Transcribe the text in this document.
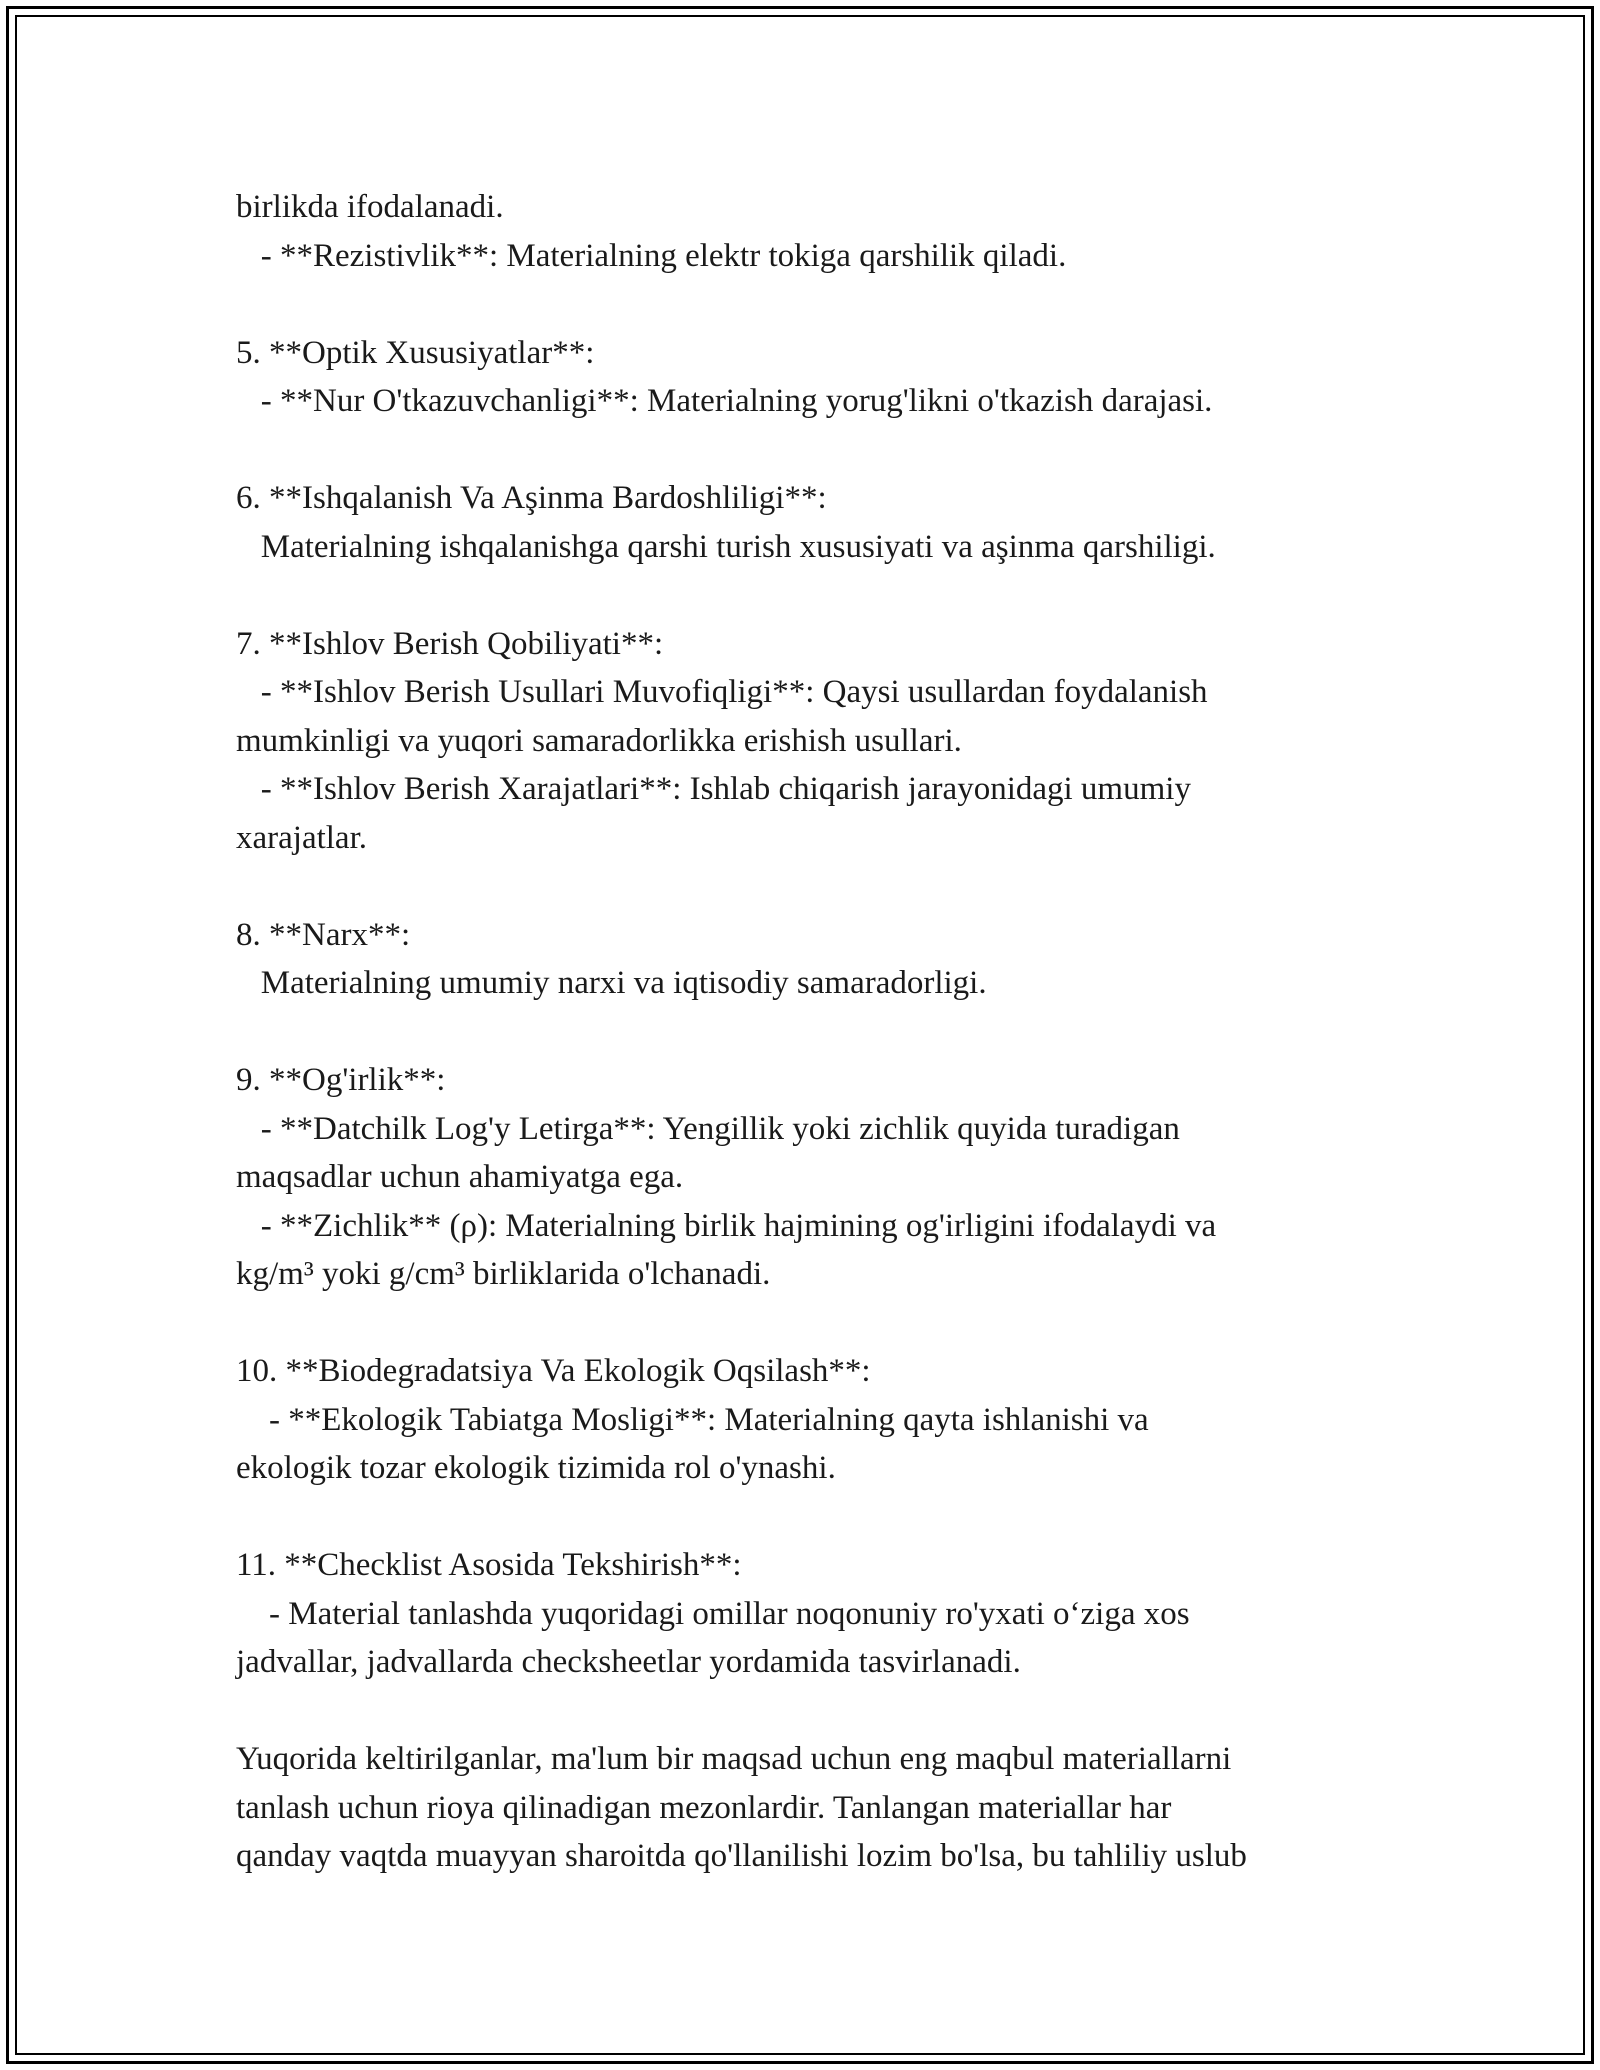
birlikda ifodalanadi.
- **Rezistivlik**: Materialning elektr tokiga qarshilik qiladi.
5. **Optik Xususiyatlar**:
- **Nur O'tkazuvchanligi**: Materialning yorug'likni o'tkazish darajasi.
6. **Ishqalanish Va Aşinma Bardoshliligi**:
Materialning ishqalanishga qarshi turish xususiyati va aşinma qarshiligi.
7. **Ishlov Berish Qobiliyati**:
- **Ishlov Berish Usullari Muvofiqligi**: Qaysi usullardan foydalanish
mumkinligi va yuqori samaradorlikka erishish usullari.
- **Ishlov Berish Xarajatlari**: Ishlab chiqarish jarayonidagi umumiy
xarajatlar.
8. **Narx**:
Materialning umumiy narxi va iqtisodiy samaradorligi.
9. **Og'irlik**:
- **Datchilk Log'y Letirga**: Yengillik yoki zichlik quyida turadigan
maqsadlar uchun ahamiyatga ega.
- **Zichlik** (ρ): Materialning birlik hajmining og'irligini ifodalaydi va
kg/m³ yoki g/cm³ birliklarida o'lchanadi.
10. **Biodegradatsiya Va Ekologik Oqsilash**:
- **Ekologik Tabiatga Mosligi**: Materialning qayta ishlanishi va
ekologik tozar ekologik tizimida rol o'ynashi.
11. **Checklist Asosida Tekshirish**:
- Material tanlashda yuqoridagi omillar noqonuniy ro'yxati o‘ziga xos
jadvallar, jadvallarda checksheetlar yordamida tasvirlanadi.
Yuqorida keltirilganlar, ma'lum bir maqsad uchun eng maqbul materiallarni
tanlash uchun rioya qilinadigan mezonlardir. Tanlangan materiallar har
qanday vaqtda muayyan sharoitda qo'llanilishi lozim bo'lsa, bu tahliliy uslub
